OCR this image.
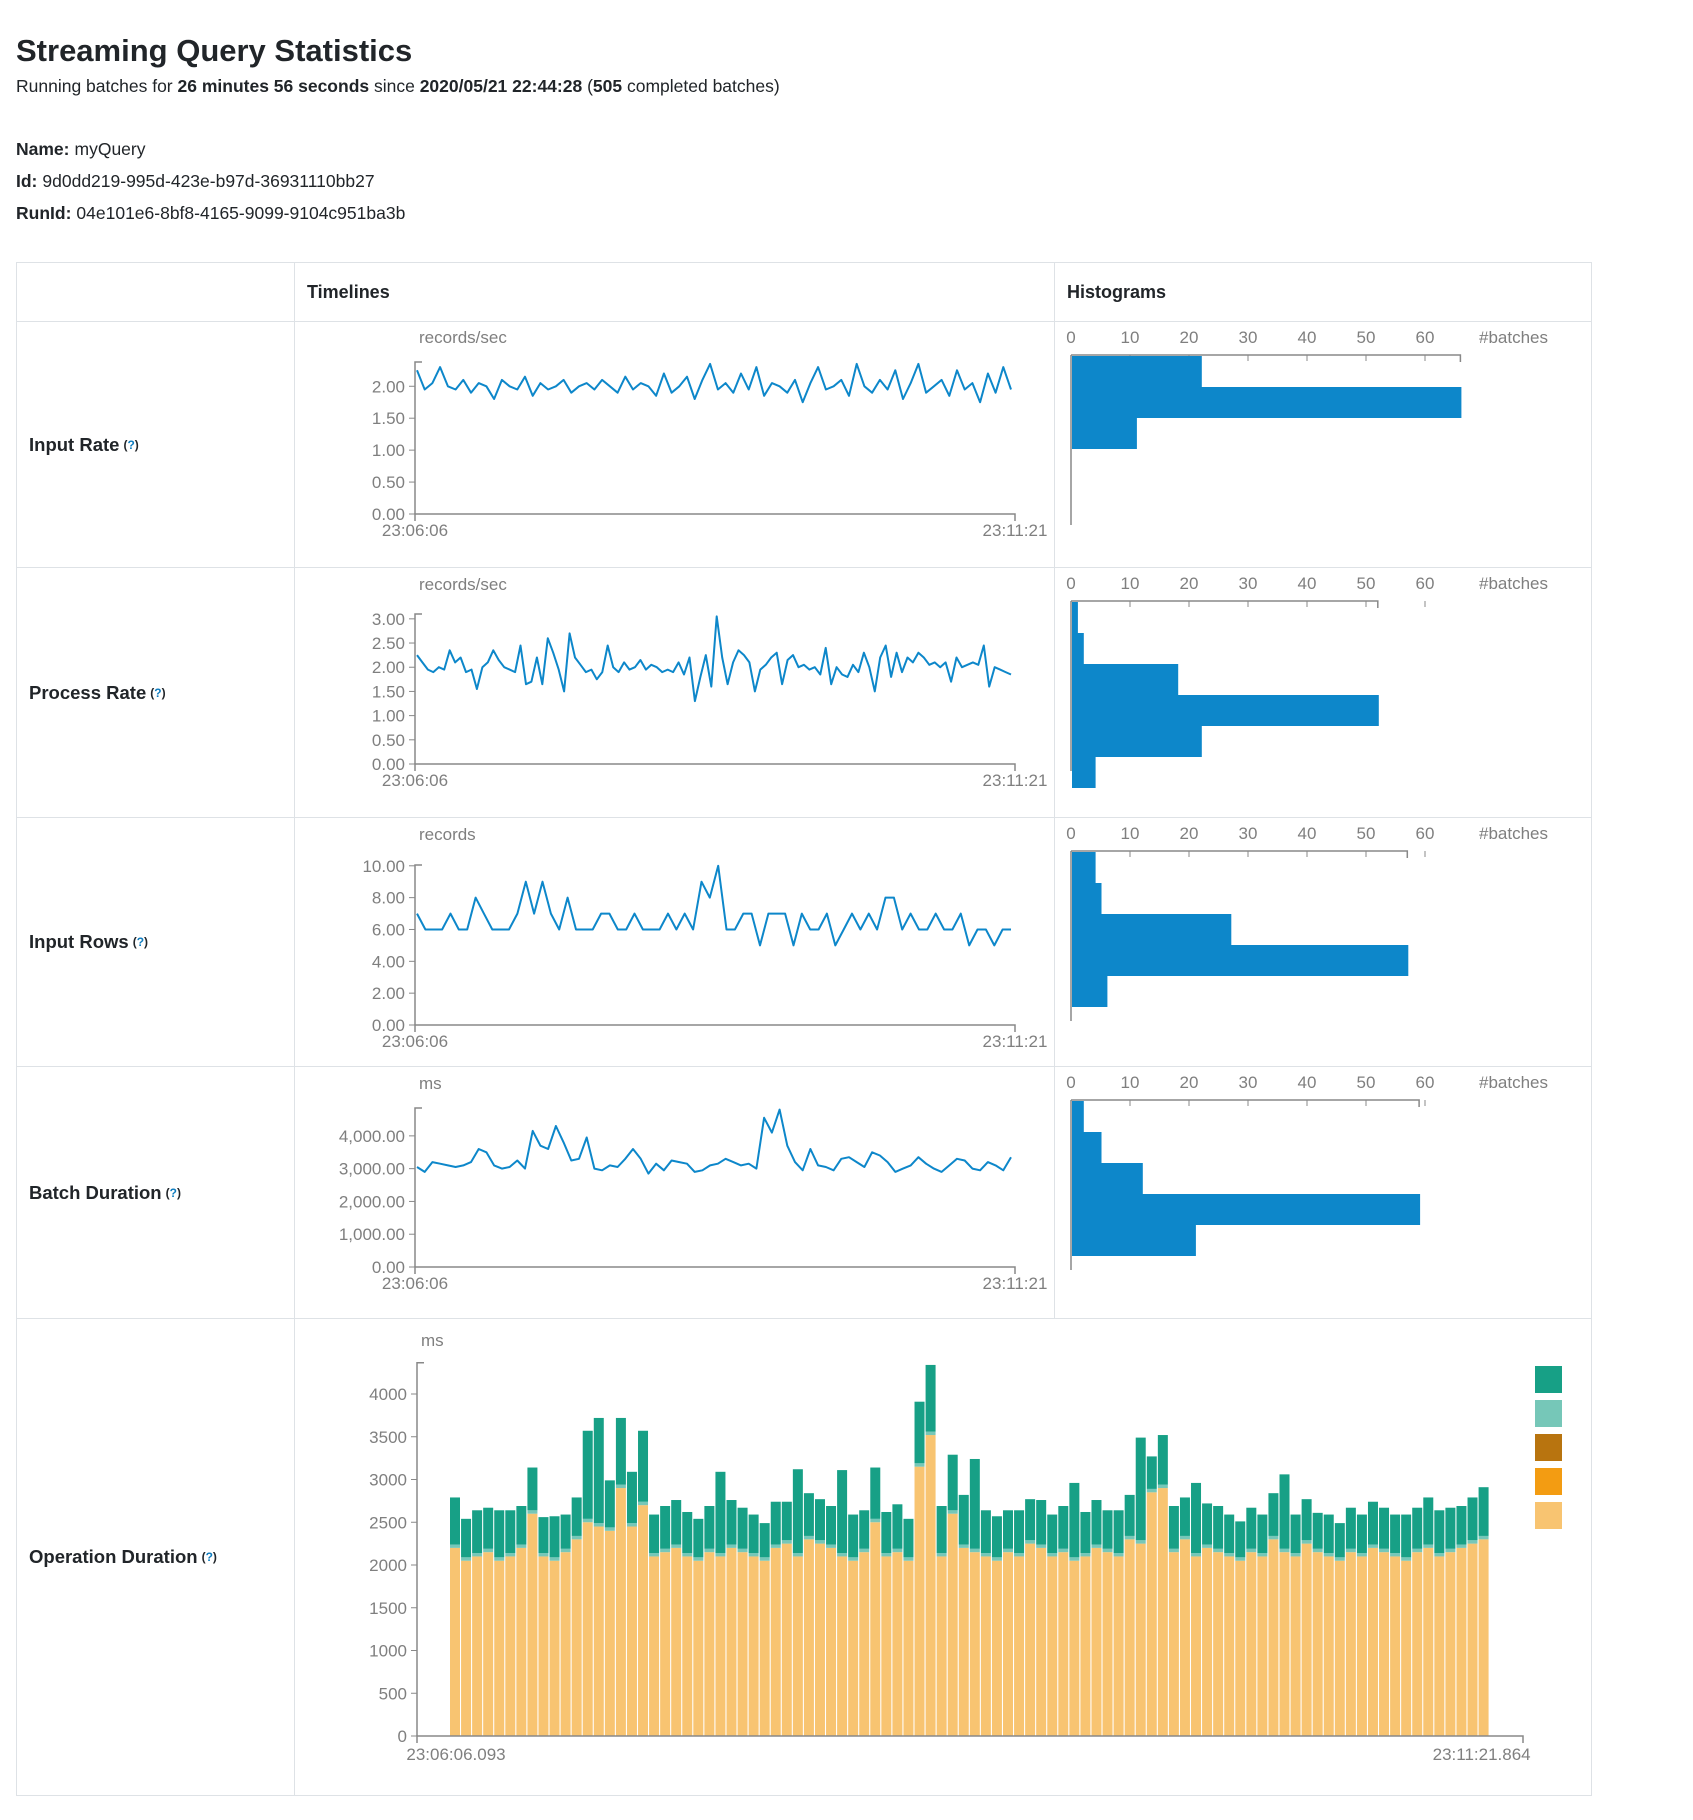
Streaming Query Statistics
Running batches for 26 minutes 56 seconds since 2020/05/21 22:44:28 (505 completed batches)
Name: myQuery
Id: 9d0dd219-995d-423e-b97d-36931110bb27
RunId: 04e101e6-8bf8-4165-9099-9104c951ba3b
Timelines	Histograms
Input Rate (?)
records/sec
0.00
0.50
1.00
1.50
2.00
23:06:06	23:11:21
0	10 20 30 40 50 60	#batches
Process Rate (?)
records/sec
0.00
0.50
1.00
1.50
2.00
2.50
3.00
23:06:06	23:11:21
0	10 20 30 40 50 60	#batches
Input Rows (?)
records
0.00
2.00
4.00
6.00
8.00
10.00
23:06:06	23:11:21
0	10 20 30 40 50 60	#batches
Batch Duration (?)
ms
0.00
1,000.00
2,000.00
3,000.00
4,000.00
23:06:06	23:11:21
0	10 20 30 40 50 60	#batches
Operation Duration (?)
ms
0
500
1000
1500
2000
2500
3000
3500
4000
23:06:06.093	23:11:21.864
